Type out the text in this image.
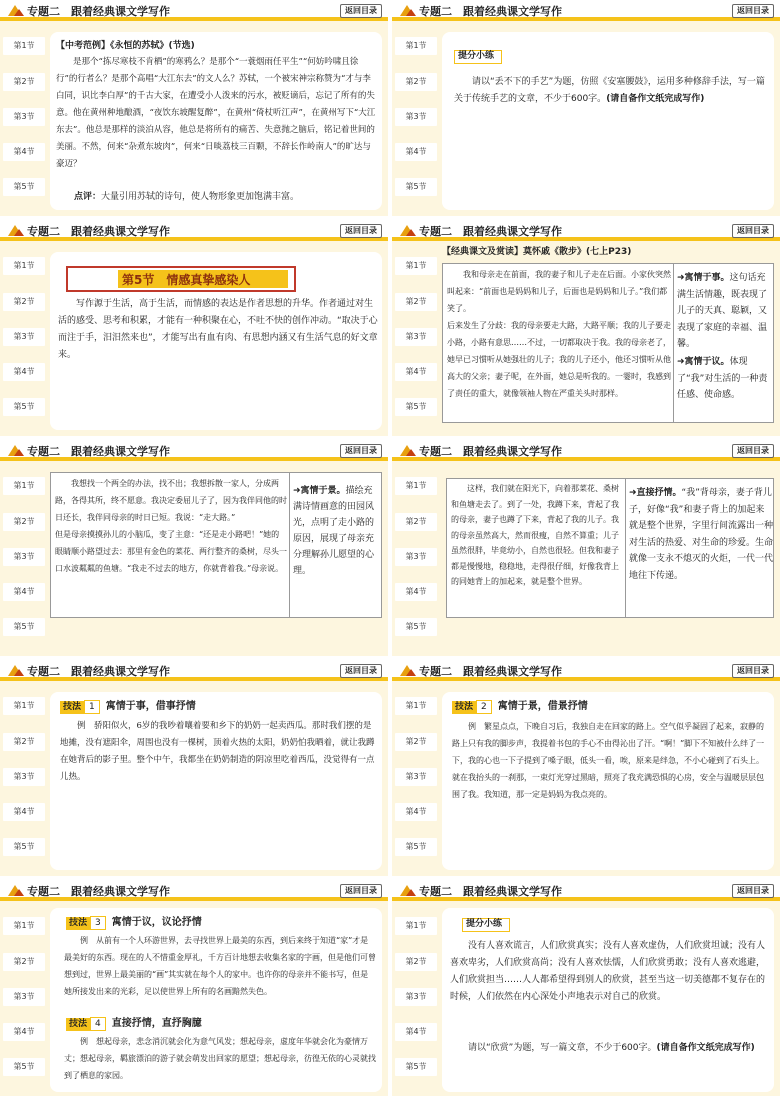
专题二　跟着经典课文学写作	返回目录
第1节
第2节
第3节
第4节
第5节
【中考范例】《永恒的苏轼》(节选)
是那个“拣尽寒枝不肯栖”的寒鸦么？是那个“一蓑烟雨任平生”“何妨吟啸且徐行”的行者么？是那个高唱“大江东去”的文人么？苏轼，一个被宋神宗称赞为“才与李白同，识比李白厚”的千古大家，在遭受小人泼来的污水，被贬谪后，忘记了所有的失意。他在黄州种地酿酒，“夜饮东坡醒复醉”，在黄州“倚杖听江声”，在黄州写下“大江东去”。他总是那样的淡泊从容，他总是将所有的痛苦、失意抛之脑后，铭记着世间的美丽。不然，何来“杂煮东坡肉”，何来“日啖荔枝三百颗，不辞长作岭南人”的旷达与豪迈？
点评：大量引用苏轼的诗句，使人物形象更加饱满丰富。
专题二　跟着经典课文学写作	返回目录
第1节
第2节
第3节
第4节
第5节
提分小练
请以“丢不下的手艺”为题，仿照《安塞腰鼓》，运用多种修辞手法，写一篇关于传统手艺的文章，不少于600字。(请自备作文纸完成写作)
专题二　跟着经典课文学写作	返回目录
第1节
第2节
第3节
第4节
第5节
第5节　情感真挚感染人
写作源于生活，高于生活，而情感的表达是作者思想的升华。作者通过对生活的感受、思考和积累，才能有一种积聚在心，不吐不快的创作冲动。“取决于心而注于手，汨汨然来也”，才能写出有血有肉、有思想内涵又有生活气息的好文章来。
专题二　跟着经典课文学写作	返回目录
第1节
第2节
第3节
第4节
第5节
【经典课文及赏读】莫怀戚《散步》(七上P23)
我和母亲走在前面，我的妻子和儿子走在后面。小家伙突然叫起来：“前面也是妈妈和儿子，后面也是妈妈和儿子。”我们都笑了。
后来发生了分歧：我的母亲要走大路，大路平顺；我的儿子要走小路，小路有意思……不过，一切都取决于我。我的母亲老了，她早已习惯听从她强壮的儿子；我的儿子还小，他还习惯听从他高大的父亲；妻子呢，在外面，她总是听我的。一霎时，我感到了责任的重大，就像领袖人物在严重关头时那样。
➜寓情于事。这句话充满生活情趣，既表现了儿子的天真、聪颖，又表现了家庭的幸福、温馨。
➜寓情于议。体现了“我”对生活的一种责任感、使命感。
专题二　跟着经典课文学写作	返回目录
第1节
第2节
第3节
第4节
第5节
我想找一个两全的办法，找不出；我想拆散一家人，分成两路，各得其所，终不愿意。我决定委屈儿子了，因为我伴同他的时日还长，我伴同母亲的时日已短。我说：“走大路。”
但是母亲摸摸孙儿的小脑瓜，变了主意：“还是走小路吧！”她的眼睛顺小路望过去：那里有金色的菜花、两行整齐的桑树，尽头一口水波粼粼的鱼塘。“我走不过去的地方，你就背着我。”母亲说。
➜寓情于景。描绘充满诗情画意的田园风光，点明了走小路的原因，展现了母亲充分理解孙儿愿望的心理。
专题二　跟着经典课文学写作	返回目录
第1节
第2节
第3节
第4节
第5节
这样，我们就在阳光下，向着那菜花、桑树和鱼塘走去了。到了一处，我蹲下来，背起了我的母亲，妻子也蹲了下来，背起了我的儿子。我的母亲虽然高大，然而很瘦，自然不算重；儿子虽然很胖，毕竟幼小，自然也很轻。但我和妻子都是慢慢地，稳稳地，走得很仔细，好像我背上的同她背上的加起来，就是整个世界。
➜直接抒情。“我”背母亲，妻子背儿子，好像“我”和妻子背上的加起来就是整个世界，字里行间流露出一种对生活的热爱、对生命的珍爱。生命就像一支永不熄灭的火炬，一代一代地往下传递。
专题二　跟着经典课文学写作	返回目录
第1节
第2节
第3节
第4节
第5节
技法 1 寓情于事，借事抒情
例　骄阳似火，6岁的我吵着嚷着要和乡下的奶奶一起卖西瓜。那时我们摆的是地摊，没有遮阳伞，周围也没有一棵树，顶着火热的太阳，奶奶怕我晒着，就让我蹲在她背后的影子里。整个中午，我都坐在奶奶制造的阴凉里吃着西瓜，没觉得有一点儿热。
专题二　跟着经典课文学写作	返回目录
第1节
第2节
第3节
第4节
第5节
技法 2 寓情于景，借景抒情
例　繁星点点，下晚自习后，我独自走在回家的路上。空气似乎凝固了起来，寂静的路上只有我的脚步声，我提着书包的手心不由得沁出了汗。“啊！”脚下不知被什么绊了一下，我的心也一下子提到了嗓子眼，低头一看，唉，原来是绊急，不小心碰到了石头上。就在我抬头的一刹那，一束灯光穿过黑暗，照亮了我充满恐惧的心房，安全与温暖层层包围了我。我知道，那一定是妈妈为我点亮的。
专题二　跟着经典课文学写作	返回目录
第1节
第2节
第3节
第4节
第5节
技法 3 寓情于议，议论抒情
例　从前有一个人环游世界，去寻找世界上最美的东西，到后来终于知道“家”才是最美好的东西。现在的人不惜重金厚礼，千方百计地想去收集名家的字画，但是他们可曾想到过，世界上最美丽的“画”其实就在每个人的家中。也许你的母亲并不能书写，但是她所接发出来的光彩，足以使世界上所有的名画黯然失色。
技法 4 直接抒情，直抒胸臆
例　想起母亲，悲念消沉就会化为意气风发；想起母亲，虚度年华就会化为豪情万丈；想起母亲，羁旅漂泊的游子就会萌发出回家的愿望；想起母亲，彷徨无依的心灵就找到了栖息的家园。
专题二　跟着经典课文学写作	返回目录
第1节
第2节
第3节
第4节
第5节
提分小练
没有人喜欢谎言，人们欣赏真实；没有人喜欢虚伪，人们欣赏坦诚；没有人喜欢卑劣，人们欣赏高尚；没有人喜欢怯懦，人们欣赏勇敢；没有人喜欢逃避，人们欣赏担当……人人都希望得到别人的欣赏，甚至当这一切美德都不复存在的时候，人们依然在内心深处小声地表示对自己的欣赏。
请以“欣赏”为题，写一篇文章，不少于600字。(请自备作文纸完成写作)
